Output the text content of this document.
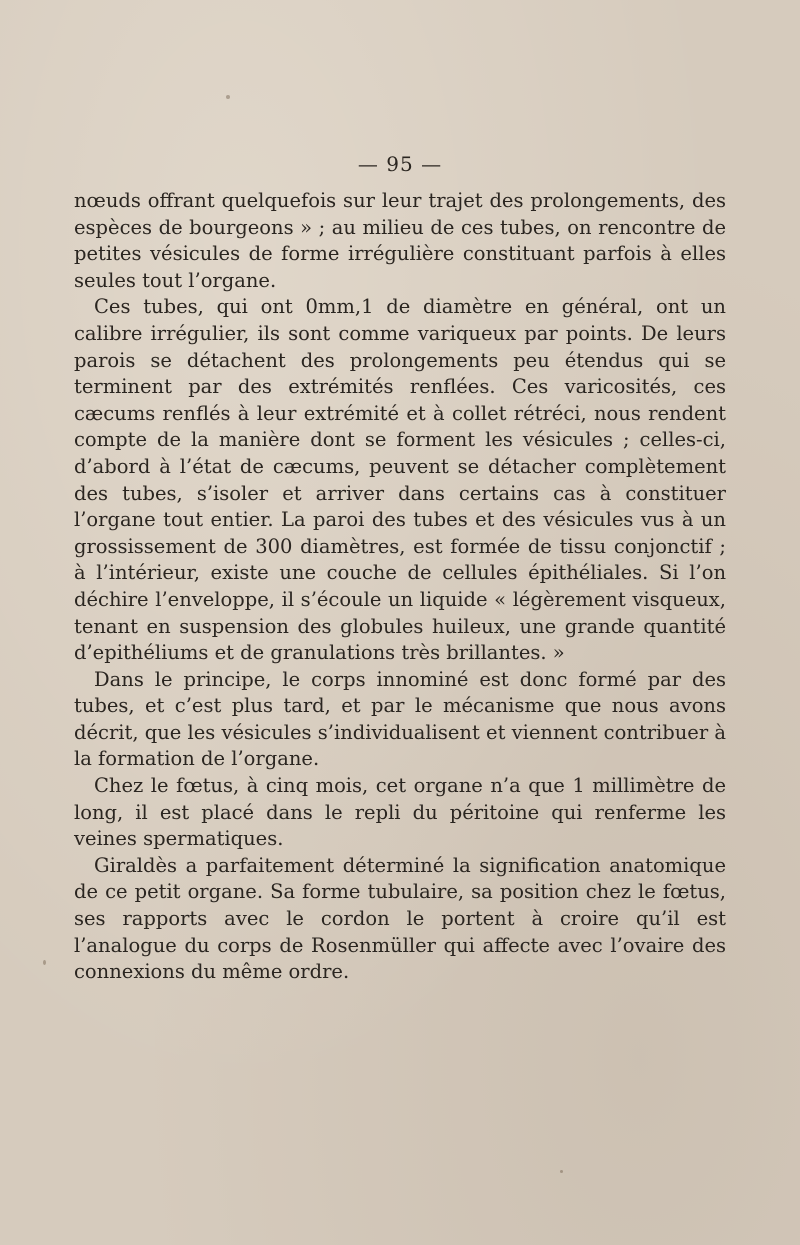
— 95 —

nœuds offrant quelquefois sur leur trajet des prolongements, des espèces de bourgeons » ; au milieu de ces tubes, on rencontre de petites vésicules de forme irrégulière constituant parfois à elles seules tout l’organe.

Ces tubes, qui ont 0mm,1 de diamètre en général, ont un calibre irrégulier, ils sont comme variqueux par points. De leurs parois se détachent des prolongements peu étendus qui se terminent par des extrémités renflées. Ces varicosités, ces cæcums renflés à leur extrémité et à collet rétréci, nous rendent compte de la manière dont se forment les vésicules ; celles-ci, d’abord à l’état de cæcums, peuvent se détacher complètement des tubes, s’isoler et arriver dans certains cas à constituer l’organe tout entier. La paroi des tubes et des vésicules vus à un grossissement de 300 diamètres, est formée de tissu conjonctif ; à l’intérieur, existe une couche de cellules épithéliales. Si l’on déchire l’enveloppe, il s’écoule un liquide « légèrement visqueux, tenant en suspension des globules huileux, une grande quantité d’epithéliums et de granulations très brillantes. »

Dans le principe, le corps innominé est donc formé par des tubes, et c’est plus tard, et par le mécanisme que nous avons décrit, que les vésicules s’individualisent et viennent contribuer à la formation de l’organe.

Chez le fœtus, à cinq mois, cet organe n’a que 1 millimètre de long, il est placé dans le repli du péritoine qui renferme les veines spermatiques.

Giraldès a parfaitement déterminé la signification anatomique de ce petit organe. Sa forme tubulaire, sa position chez le fœtus, ses rapports avec le cordon le portent à croire qu’il est l’analogue du corps de Rosenmüller qui affecte avec l’ovaire des connexions du même ordre.
